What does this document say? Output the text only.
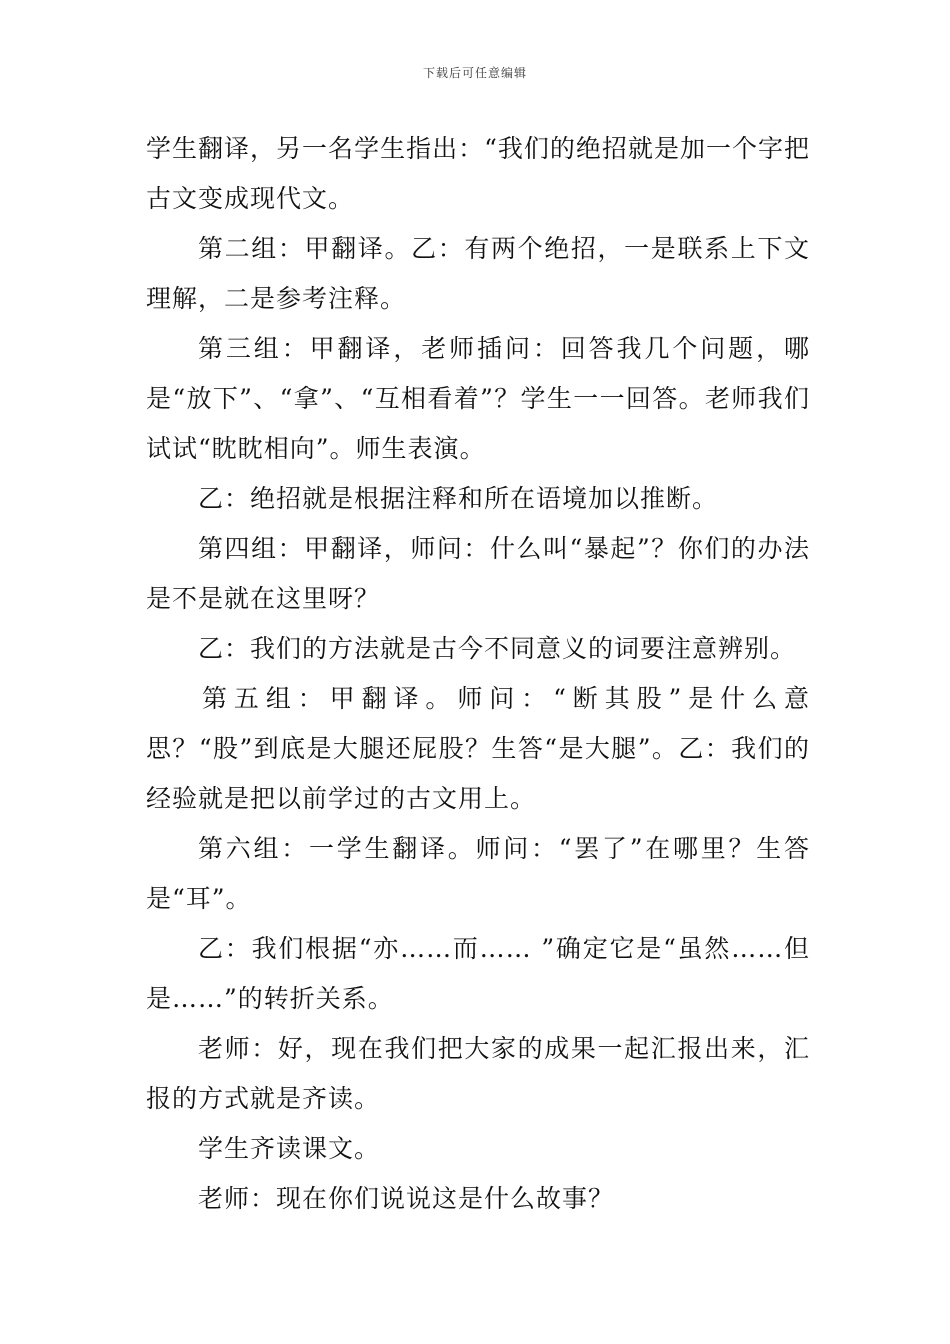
下载后可任意编辑

学生翻译，另一名学生指出：“我们的绝招就是加一个字把古文变成现代文。

第二组：甲翻译。乙：有两个绝招，一是联系上下文理解，二是参考注释。

第三组：甲翻译，老师插问：回答我几个问题，哪是“放下”、“拿”、“互相看着”？学生一一回答。老师我们试试“眈眈相向”。师生表演。

乙：绝招就是根据注释和所在语境加以推断。

第四组：甲翻译，师问：什么叫“暴起”？你们的办法是不是就在这里呀？

乙：我们的方法就是古今不同意义的词要注意辨别。

第五组：甲翻译。师问：“断其股”是什么意思？“股”到底是大腿还屁股？生答“是大腿”。乙：我们的经验就是把以前学过的古文用上。

第六组：一学生翻译。师问：“罢了”在哪里？生答是“耳”。

乙：我们根据“亦……而…… ”确定它是“虽然……但是……”的转折关系。

老师：好，现在我们把大家的成果一起汇报出来，汇报的方式就是齐读。

学生齐读课文。

老师：现在你们说说这是什么故事？
